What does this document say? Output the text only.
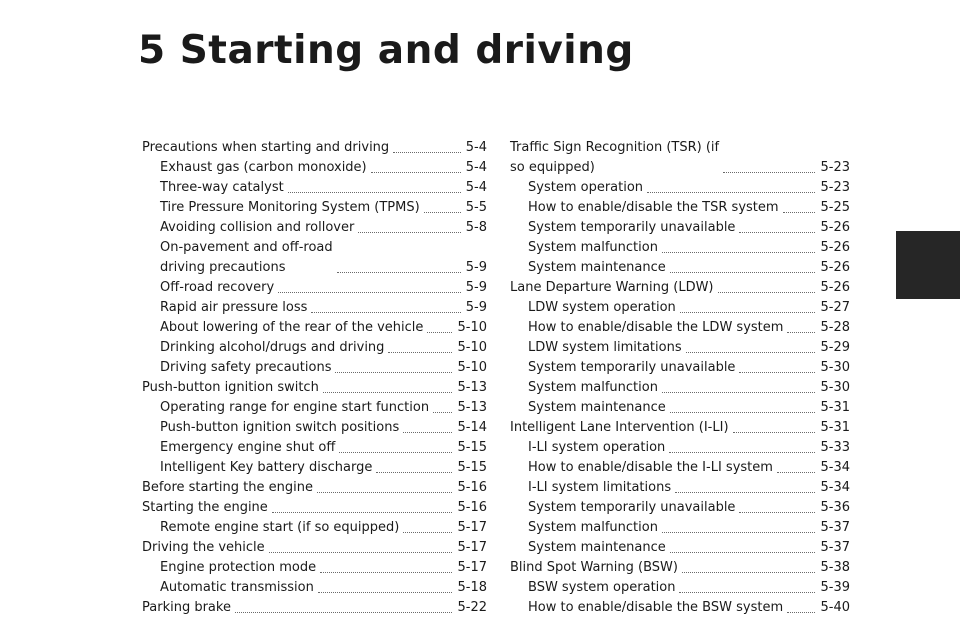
5 Starting and driving
Precautions when starting and driving	5-4
Exhaust gas (carbon monoxide)	5-4
Three-way catalyst	5-4
Tire Pressure Monitoring System (TPMS)	5-5
Avoiding collision and rollover	5-8
On-pavement and off-road
driving precautions	5-9
Off-road recovery	5-9
Rapid air pressure loss	5-9
About lowering of the rear of the vehicle	5-10
Drinking alcohol/drugs and driving	5-10
Driving safety precautions	5-10
Push-button ignition switch	5-13
Operating range for engine start function 5-13
Push-button ignition switch positions	5-14
Emergency engine shut off	5-15
Intelligent Key battery discharge	5-15
Before starting the engine	5-16
Starting the engine	5-16
Remote engine start (if so equipped)	5-17
Driving the vehicle	5-17
Engine protection mode	5-17
Automatic transmission	5-18
Parking brake	5-22
Traffic Sign Recognition (TSR) (if
so equipped)	5-23
System operation	5-23
How to enable/disable the TSR system	5-25
System temporarily unavailable	5-26
System malfunction	5-26
System maintenance	5-26
Lane Departure Warning (LDW)	5-26
LDW system operation	5-27
How to enable/disable the LDW system	5-28
LDW system limitations	5-29
System temporarily unavailable	5-30
System malfunction	5-30
System maintenance	5-31
Intelligent Lane Intervention (I-LI)	5-31
I-LI system operation	5-33
How to enable/disable the I-LI system	5-34
I-LI system limitations	5-34
System temporarily unavailable	5-36
System malfunction	5-37
System maintenance	5-37
Blind Spot Warning (BSW)	5-38
BSW system operation	5-39
How to enable/disable the BSW system	5-40
